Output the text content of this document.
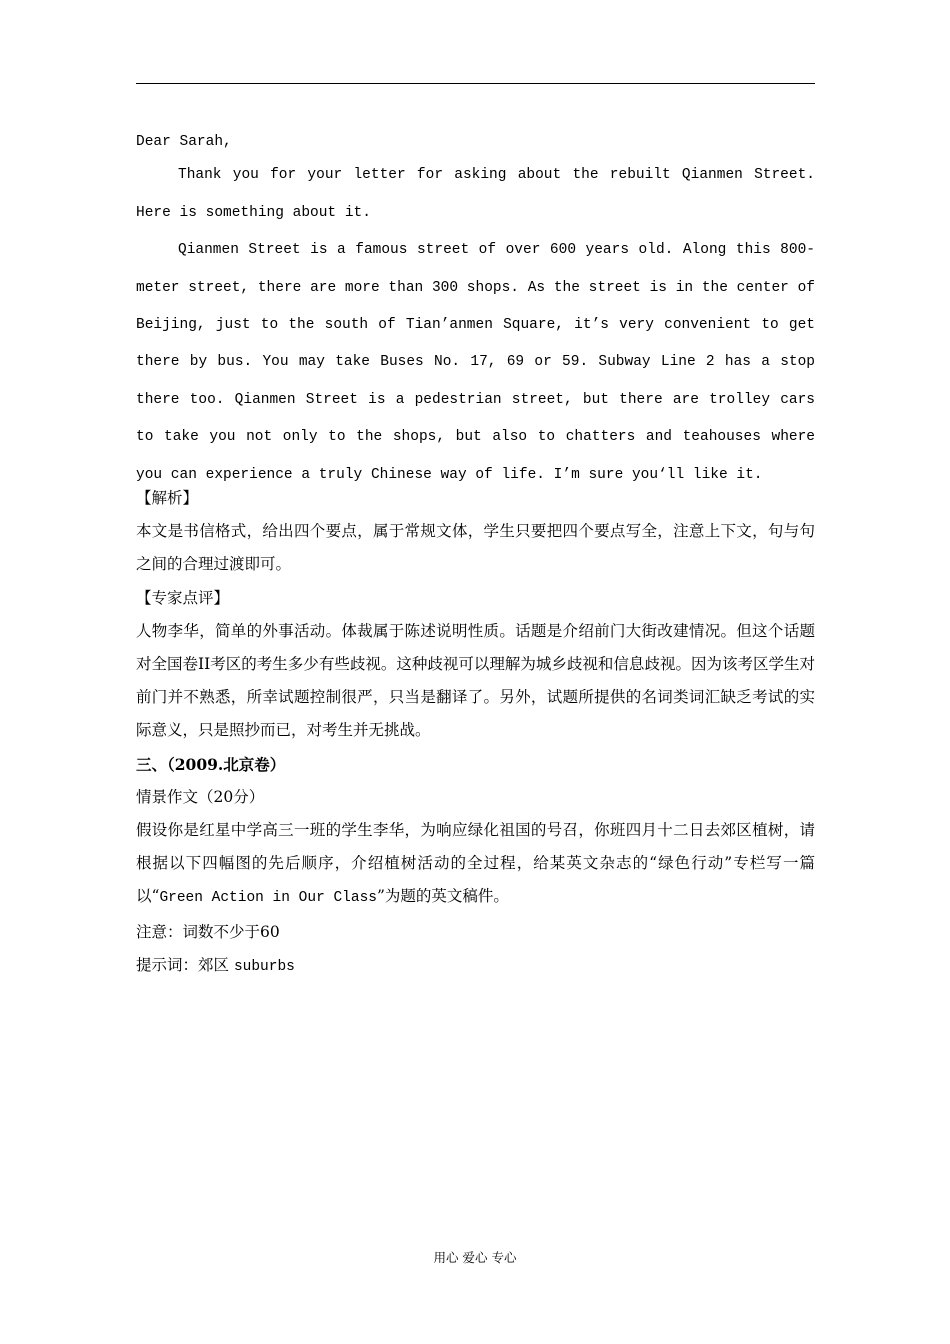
Dear Sarah,

Thank you for your letter for asking about the rebuilt Qianmen Street. Here is something about it.

Qianmen Street is a famous street of over 600 years old. Along this 800-meter street, there are more than 300 shops. As the street is in the center of Beijing, just to the south of Tian’anmen Square, it’s very convenient to get there by bus. You may take Buses No. 17, 69 or 59. Subway Line 2 has a stop there too. Qianmen Street is a pedestrian street, but there are trolley cars to take you not only to the shops, but also to chatters and teahouses where you can experience a truly Chinese way of life. I’m sure you‘ll like it.

【解析】

本文是书信格式，给出四个要点，属于常规文体，学生只要把四个要点写全，注意上下文，句与句之间的合理过渡即可。

【专家点评】

人物李华，简单的外事活动。体裁属于陈述说明性质。话题是介绍前门大街改建情况。但这个话题对全国卷II考区的考生多少有些歧视。这种歧视可以理解为城乡歧视和信息歧视。因为该考区学生对前门并不熟悉，所幸试题控制很严，只当是翻译了。另外，试题所提供的名词类词汇缺乏考试的实际意义，只是照抄而已，对考生并无挑战。

三、（2009.北京卷）

情景作文（20分）

假设你是红星中学高三一班的学生李华，为响应绿化祖国的号召，你班四月十二日去郊区植树，请根据以下四幅图的先后顺序，介绍植树活动的全过程，给某英文杂志的“绿色行动”专栏写一篇以“Green Action in Our Class”为题的英文稿件。

注意：词数不少于60

提示词：郊区 suburbs

用心 爱心 专心
